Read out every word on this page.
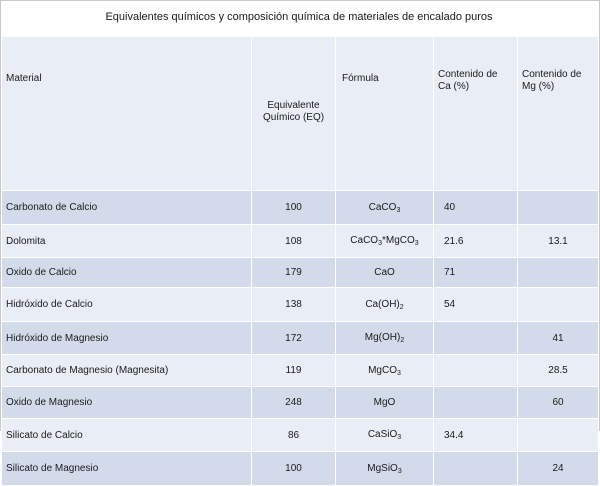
Equivalentes químicos y composición química de materiales de encalado puros
Material	Equivalente Químico (EQ)	Fórmula	Contenido de Ca (%)	Contenido de Mg (%)
Carbonato de Calcio	100	CaCO$_3$	40	
Dolomita	108	CaCO$_3$*MgCO$_3$	21.6	13.1
Oxido de Calcio	179	CaO	71	
Hidróxido de Calcio	138	$Ca(OH)_2$	54	
Hidróxido de Magnesio	172	$Mg(OH)_2$		41
Carbonato de Magnesio (Magnesita)	119	MgCO$_3$		28.5
Oxido de Magnesio	248	MgO		60
Silicato de Calcio	86	CaSiO$_3$	34.4	
Silicato de Magnesio	100	MgSiO$_3$		24
